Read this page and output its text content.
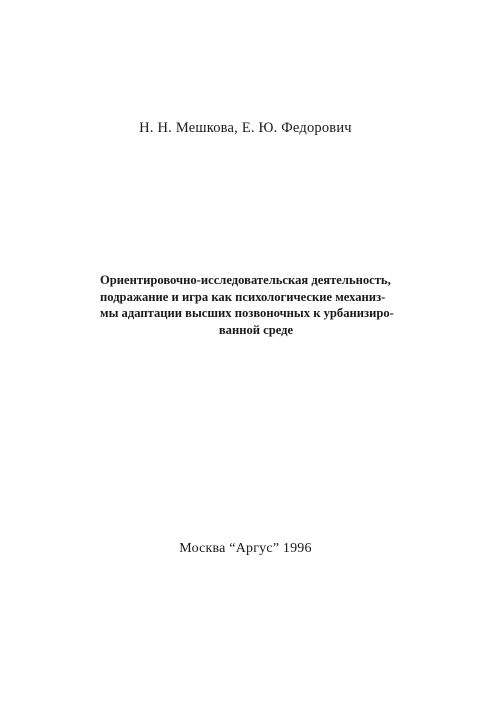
Н. Н. Мешкова, Е. Ю. Федорович
Ориентировочно-исследовательская деятельность,
подражание и игра как психологические механиз-
мы адаптации высших позвоночных к урбанизиро-
ванной среде
Москва “Аргус” 1996
